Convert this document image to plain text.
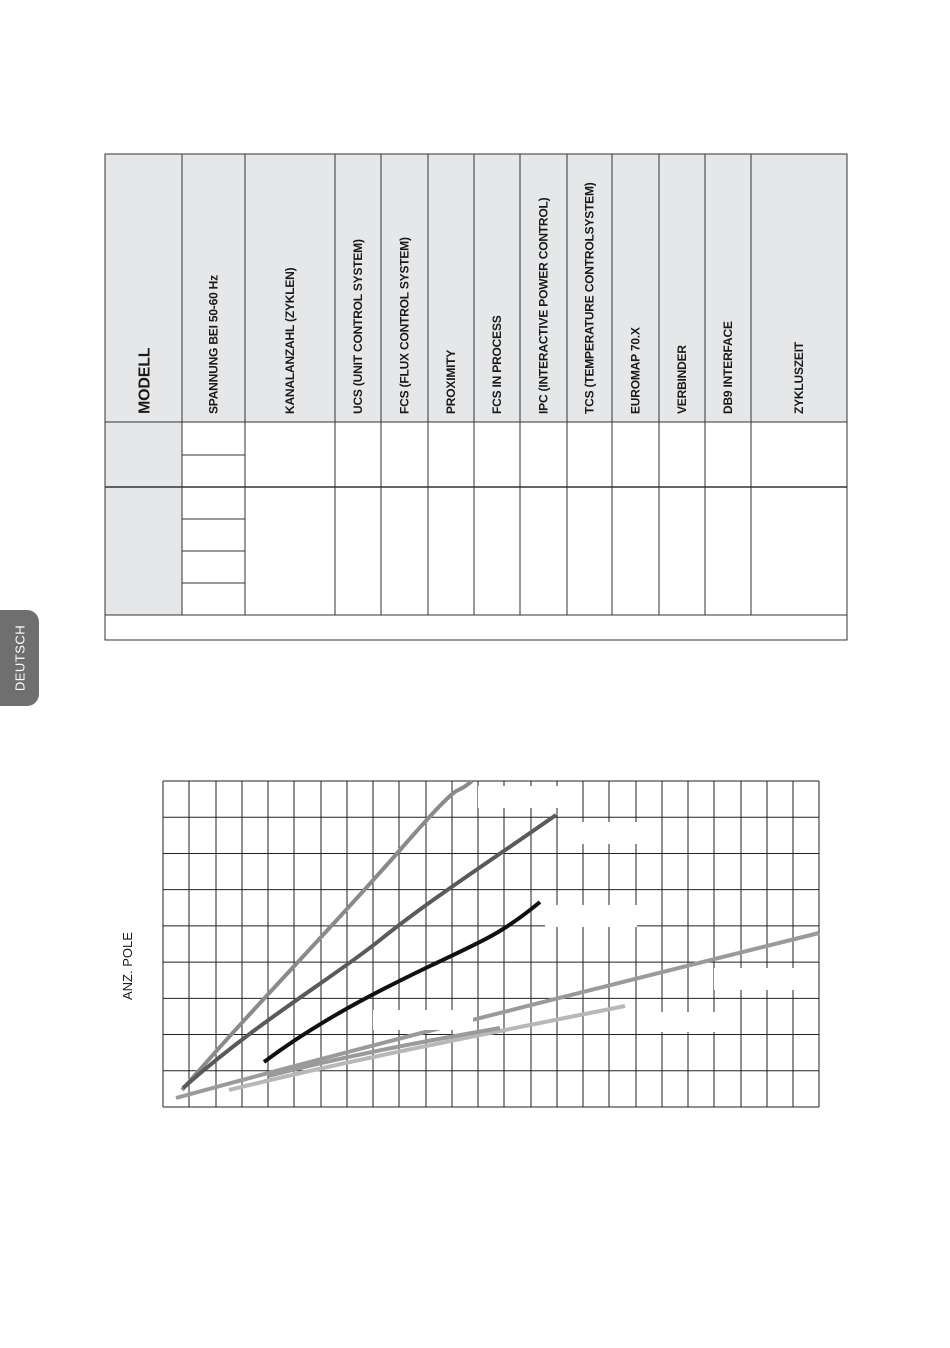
DEUTSCH
MODELL	SPANNUNG BEI 50-60 Hz	KANALANZAHL (ZYKLEN)	UCS (UNIT CONTROL SYSTEM)	FCS (FLUX CONTROL SYSTEM)	PROXIMITY	FCS IN PROCESS	IPC (INTERACTIVE POWER CONTROL)	TCS (TEMPERATURE CONTROLSYSTEM)	EUROMAP 70.X	VERBINDER	DB9 INTERFACE	ZYKLUSZEIT
ANZ. POLE
